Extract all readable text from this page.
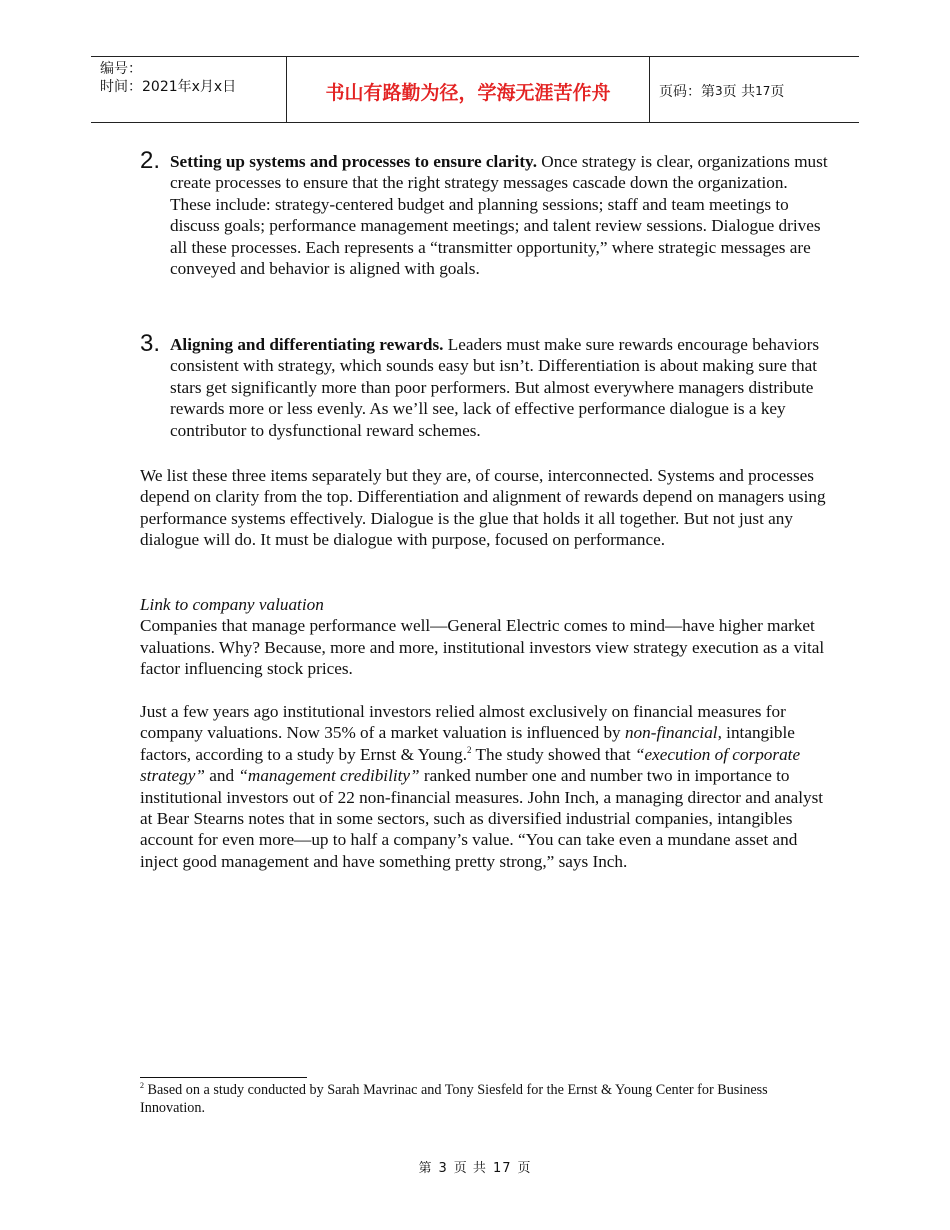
编号：
时间：2021年x月x日	书山有路勤为径，学海无涯苦作舟	页码：第 3 页 共 17 页
2. Setting up systems and processes to ensure clarity. Once strategy is clear, organizations must create processes to ensure that the right strategy messages cascade down the organization. These include: strategy-centered budget and planning sessions; staff and team meetings to discuss goals; performance management meetings; and talent review sessions. Dialogue drives all these processes. Each represents a “transmitter opportunity,” where strategic messages are conveyed and behavior is aligned with goals.
3. Aligning and differentiating rewards. Leaders must make sure rewards encourage behaviors consistent with strategy, which sounds easy but isn’t. Differentiation is about making sure that stars get significantly more than poor performers. But almost everywhere managers distribute rewards more or less evenly. As we’ll see, lack of effective performance dialogue is a key contributor to dysfunctional reward schemes.
We list these three items separately but they are, of course, interconnected. Systems and processes depend on clarity from the top. Differentiation and alignment of rewards depend on managers using performance systems effectively. Dialogue is the glue that holds it all together. But not just any dialogue will do. It must be dialogue with purpose, focused on performance.
Link to company valuation
Companies that manage performance well—General Electric comes to mind—have higher market valuations. Why? Because, more and more, institutional investors view strategy execution as a vital factor influencing stock prices.
Just a few years ago institutional investors relied almost exclusively on financial measures for company valuations. Now 35% of a market valuation is influenced by non-financial, intangible factors, according to a study by Ernst & Young.$^2$ The study showed that “execution of corporate strategy” and “management credibility” ranked number one and number two in importance to institutional investors out of 22 non-financial measures. John Inch, a managing director and analyst at Bear Stearns notes that in some sectors, such as diversified industrial companies, intangibles account for even more—up to half a company’s value. “You can take even a mundane asset and inject good management and have something pretty strong,” says Inch.
$^2$ Based on a study conducted by Sarah Mavrinac and Tony Siesfeld for the Ernst & Young Center for Business Innovation.
第 3 页 共 17 页
